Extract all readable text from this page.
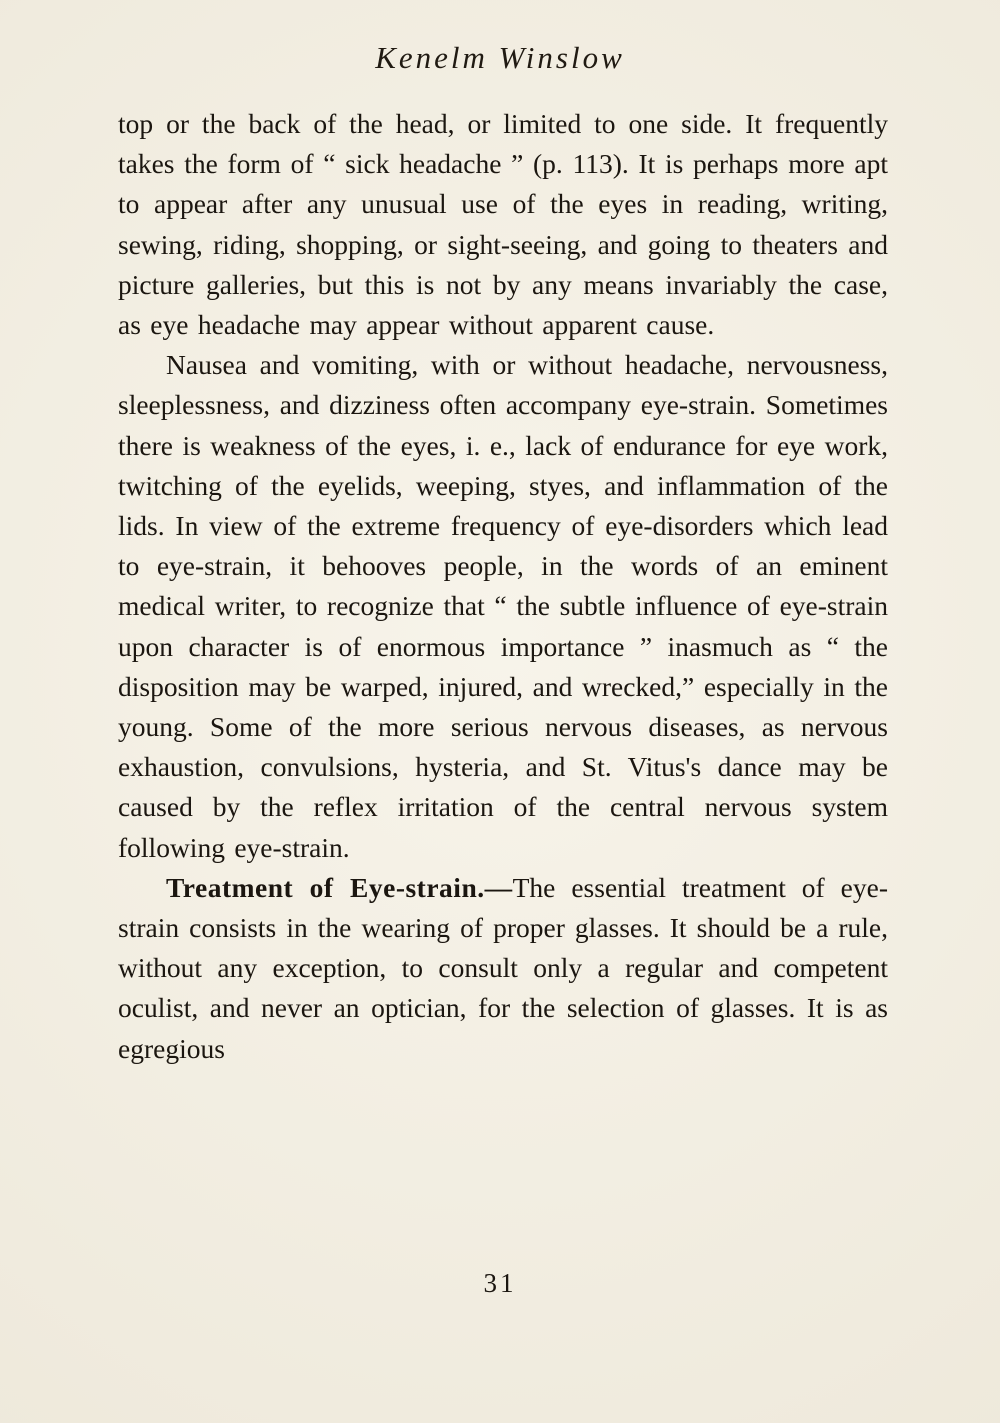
Kenelm Winslow

top or the back of the head, or limited to one side. It frequently takes the form of “ sick headache ” (p. 113). It is perhaps more apt to appear after any unusual use of the eyes in reading, writing, sewing, riding, shopping, or sight-seeing, and going to theaters and picture galleries, but this is not by any means invariably the case, as eye headache may appear without apparent cause.

Nausea and vomiting, with or without headache, nervousness, sleeplessness, and dizziness often accompany eye-strain. Sometimes there is weakness of the eyes, i. e., lack of endurance for eye work, twitching of the eyelids, weeping, styes, and inflammation of the lids. In view of the extreme frequency of eye-disorders which lead to eye-strain, it behooves people, in the words of an eminent medical writer, to recognize that “ the subtle influence of eye-strain upon character is of enormous importance ” inasmuch as “ the disposition may be warped, injured, and wrecked,” especially in the young. Some of the more serious nervous diseases, as nervous exhaustion, convulsions, hysteria, and St. Vitus's dance may be caused by the reflex irritation of the central nervous system following eye-strain.

Treatment of Eye-strain.—The essential treatment of eye-strain consists in the wearing of proper glasses. It should be a rule, without any exception, to consult only a regular and competent oculist, and never an optician, for the selection of glasses. It is as egregious

31
